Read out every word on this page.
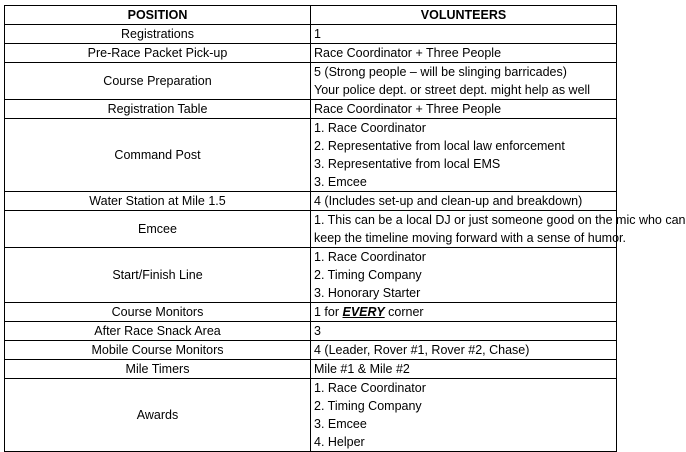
POSITION	VOLUNTEERS
Registrations	1

Pre-Race Packet Pick-up	Race Coordinator + Three People

Course Preparation	5 (Strong people – will be slinging barricades)
Your police dept. or street dept. might help as well

Registration Table	Race Coordinator + Three People

Command Post	1. Race Coordinator
2. Representative from local law enforcement
3. Representative from local EMS
3. Emcee

Water Station at Mile 1.5	4 (Includes set-up and clean-up and breakdown)

Emcee	1. This can be a local DJ or just someone good on the mic who can
keep the timeline moving forward with a sense of humor.

Start/Finish Line	1. Race Coordinator
2. Timing Company
3. Honorary Starter

Course Monitors	1 for EVERY corner
After Race Snack Area	3

Mobile Course Monitors	4 (Leader, Rover #1, Rover #2, Chase)

Mile Timers	Mile #1 & Mile #2

Awards	1. Race Coordinator
2. Timing Company
3. Emcee
4. Helper
